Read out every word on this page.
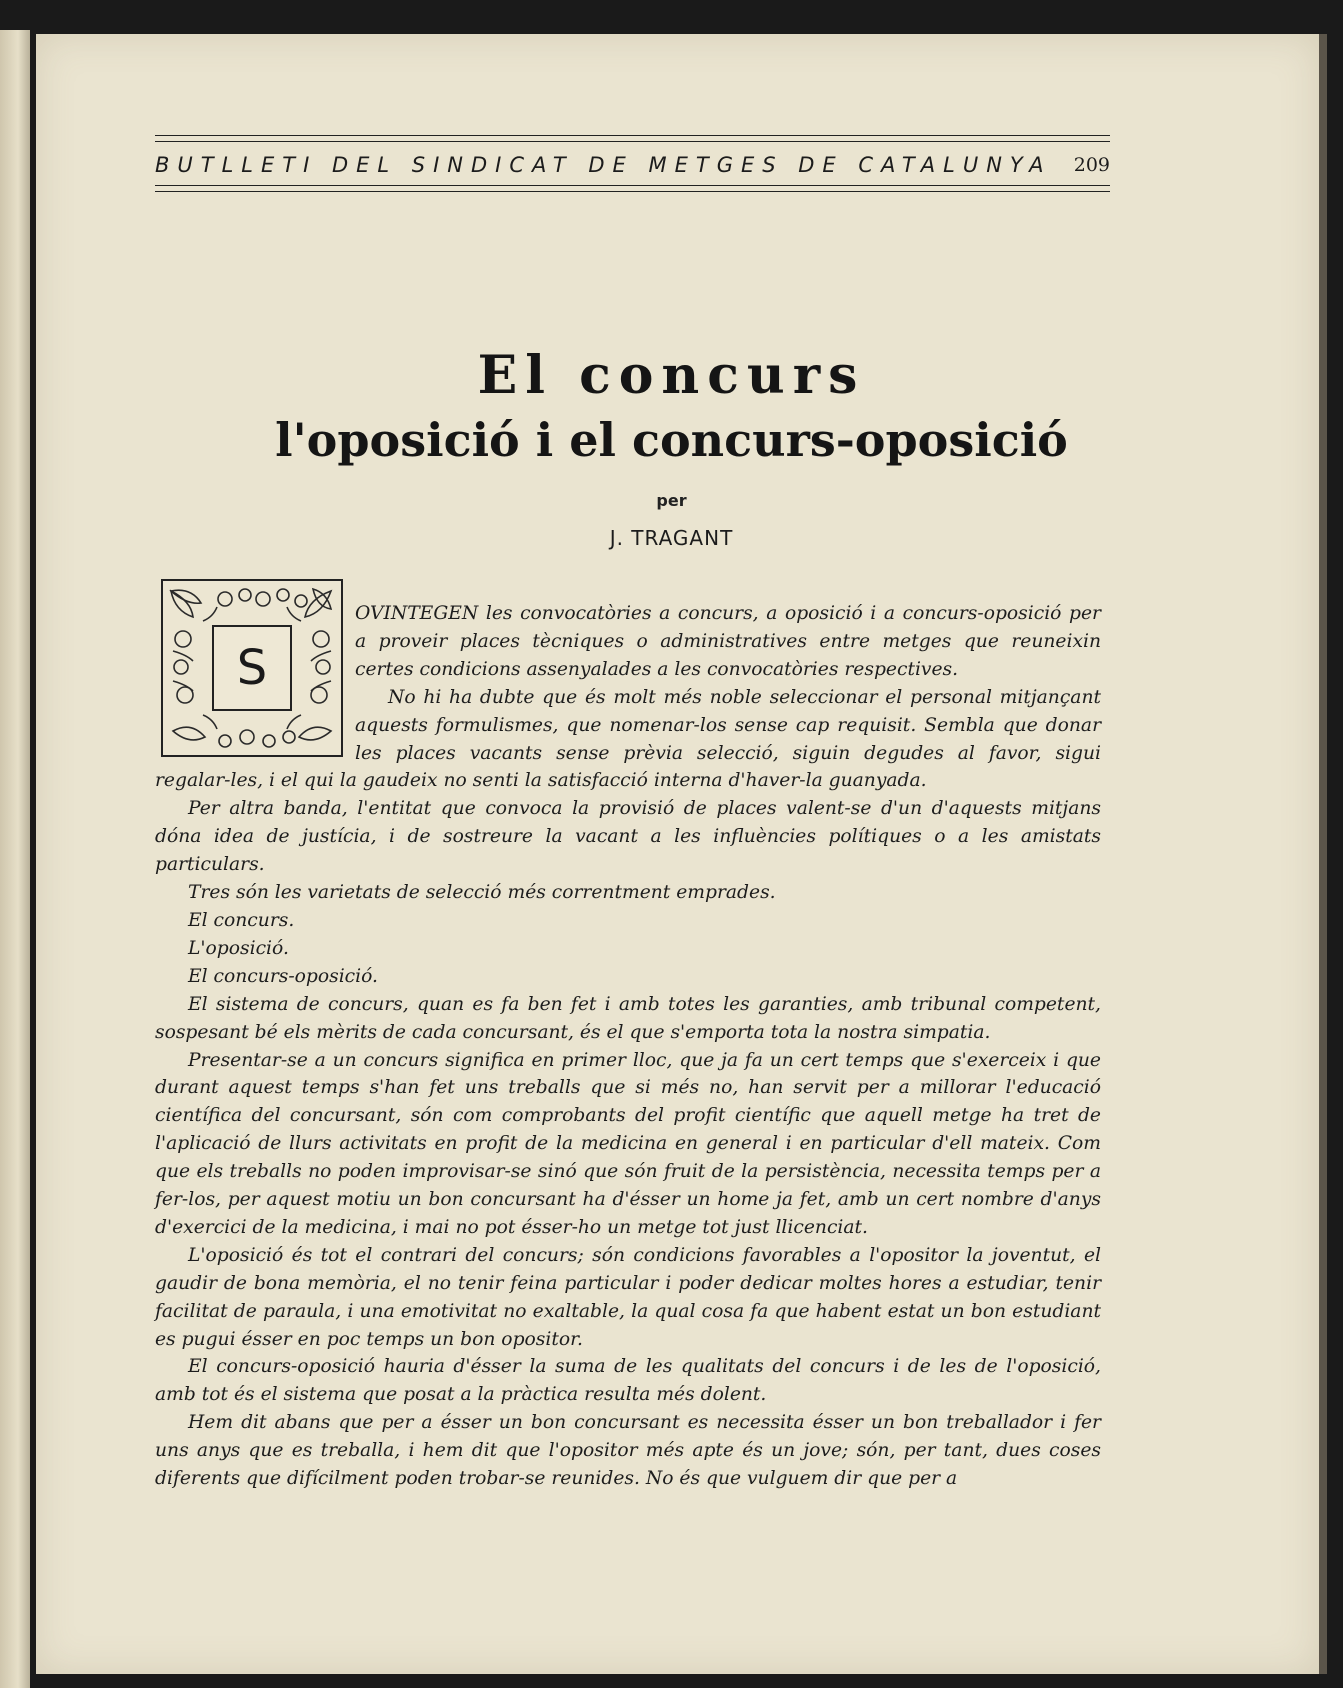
BUTLLETI DEL SINDICAT DE METGES DE CATALUNYA 209
El concurs
l'oposició i el concurs-oposició
per
J. TRAGANT
S

OVINTEGEN les convocatòries a concurs, a oposició i a concurs-oposició per a proveir places tècniques o administratives entre metges que reuneixin certes condicions assenyalades a les convocatòries respectives.

No hi ha dubte que és molt més noble seleccionar el personal mitjançant aquests formulismes, que nomenar-los sense cap requisit. Sembla que donar les places vacants sense prèvia selecció, siguin degudes al favor, sigui regalar-les, i el qui la gaudeix no senti la satisfacció interna d'haver-la guanyada.

Per altra banda, l'entitat que convoca la provisió de places valent-se d'un d'aquests mitjans dóna idea de justícia, i de sostreure la vacant a les influències polítiques o a les amistats particulars.

Tres són les varietats de selecció més correntment emprades.

El concurs.

L'oposició.

El concurs-oposició.

El sistema de concurs, quan es fa ben fet i amb totes les garanties, amb tribunal competent, sospesant bé els mèrits de cada concursant, és el que s'emporta tota la nostra simpatia.

Presentar-se a un concurs significa en primer lloc, que ja fa un cert temps que s'exerceix i que durant aquest temps s'han fet uns treballs que si més no, han servit per a millorar l'educació científica del concursant, són com comprobants del profit científic que aquell metge ha tret de l'aplicació de llurs activitats en profit de la medicina en general i en particular d'ell mateix. Com que els treballs no poden improvisar-se sinó que són fruit de la persistència, necessita temps per a fer-los, per aquest motiu un bon concursant ha d'ésser un home ja fet, amb un cert nombre d'anys d'exercici de la medicina, i mai no pot ésser-ho un metge tot just llicenciat.

L'oposició és tot el contrari del concurs; són condicions favorables a l'opositor la joventut, el gaudir de bona memòria, el no tenir feina particular i poder dedicar moltes hores a estudiar, tenir facilitat de paraula, i una emotivitat no exaltable, la qual cosa fa que habent estat un bon estudiant es pugui ésser en poc temps un bon opositor.

El concurs-oposició hauria d'ésser la suma de les qualitats del concurs i de les de l'oposició, amb tot és el sistema que posat a la pràctica resulta més dolent.

Hem dit abans que per a ésser un bon concursant es necessita ésser un bon treballador i fer uns anys que es treballa, i hem dit que l'opositor més apte és un jove; són, per tant, dues coses diferents que difícilment poden trobar-se reunides. No és que vulguem dir que per a
